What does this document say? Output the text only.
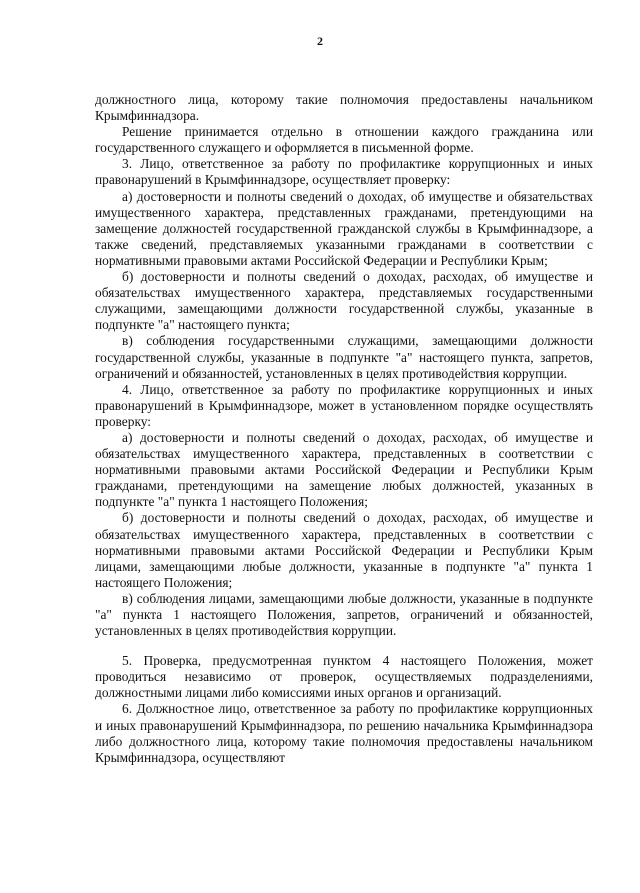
2

должностного лица, которому такие полномочия предоставлены начальником Крымфиннадзора.

Решение принимается отдельно в отношении каждого гражданина или государственного служащего и оформляется в письменной форме.

3. Лицо, ответственное за работу по профилактике коррупционных и иных правонарушений в Крымфиннадзоре, осуществляет проверку:

а) достоверности и полноты сведений о доходах, об имуществе и обязательствах имущественного характера, представленных гражданами, претендующими на замещение должностей государственной гражданской службы в Крымфиннадзоре, а также сведений, представляемых указанными гражданами в соответствии с нормативными правовыми актами Российской Федерации и Республики Крым;

б) достоверности и полноты сведений о доходах, расходах, об имуществе и обязательствах имущественного характера, представляемых государственными служащими, замещающими должности государственной службы, указанные в подпункте "а" настоящего пункта;

в) соблюдения государственными служащими, замещающими должности государственной службы, указанные в подпункте "а" настоящего пункта, запретов, ограничений и обязанностей, установленных в целях противодействия коррупции.

4. Лицо, ответственное за работу по профилактике коррупционных и иных правонарушений в Крымфиннадзоре, может в установленном порядке осуществлять проверку:

а) достоверности и полноты сведений о доходах, расходах, об имуществе и обязательствах имущественного характера, представленных в соответствии с нормативными правовыми актами Российской Федерации и Республики Крым гражданами, претендующими на замещение любых должностей, указанных в подпункте "а" пункта 1 настоящего Положения;

б) достоверности и полноты сведений о доходах, расходах, об имуществе и обязательствах имущественного характера, представленных в соответствии с нормативными правовыми актами Российской Федерации и Республики Крым лицами, замещающими любые должности, указанные в подпункте "а" пункта 1 настоящего Положения;

в) соблюдения лицами, замещающими любые должности, указанные в подпункте "а" пункта 1 настоящего Положения, запретов, ограничений и обязанностей, установленных в целях противодействия коррупции.

5. Проверка, предусмотренная пунктом 4 настоящего Положения, может проводиться независимо от проверок, осуществляемых подразделениями, должностными лицами либо комиссиями иных органов и организаций.

6. Должностное лицо, ответственное за работу по профилактике коррупционных и иных правонарушений Крымфиннадзора, по решению начальника Крымфиннадзора либо должностного лица, которому такие полномочия предоставлены начальником Крымфиннадзора, осуществляют
